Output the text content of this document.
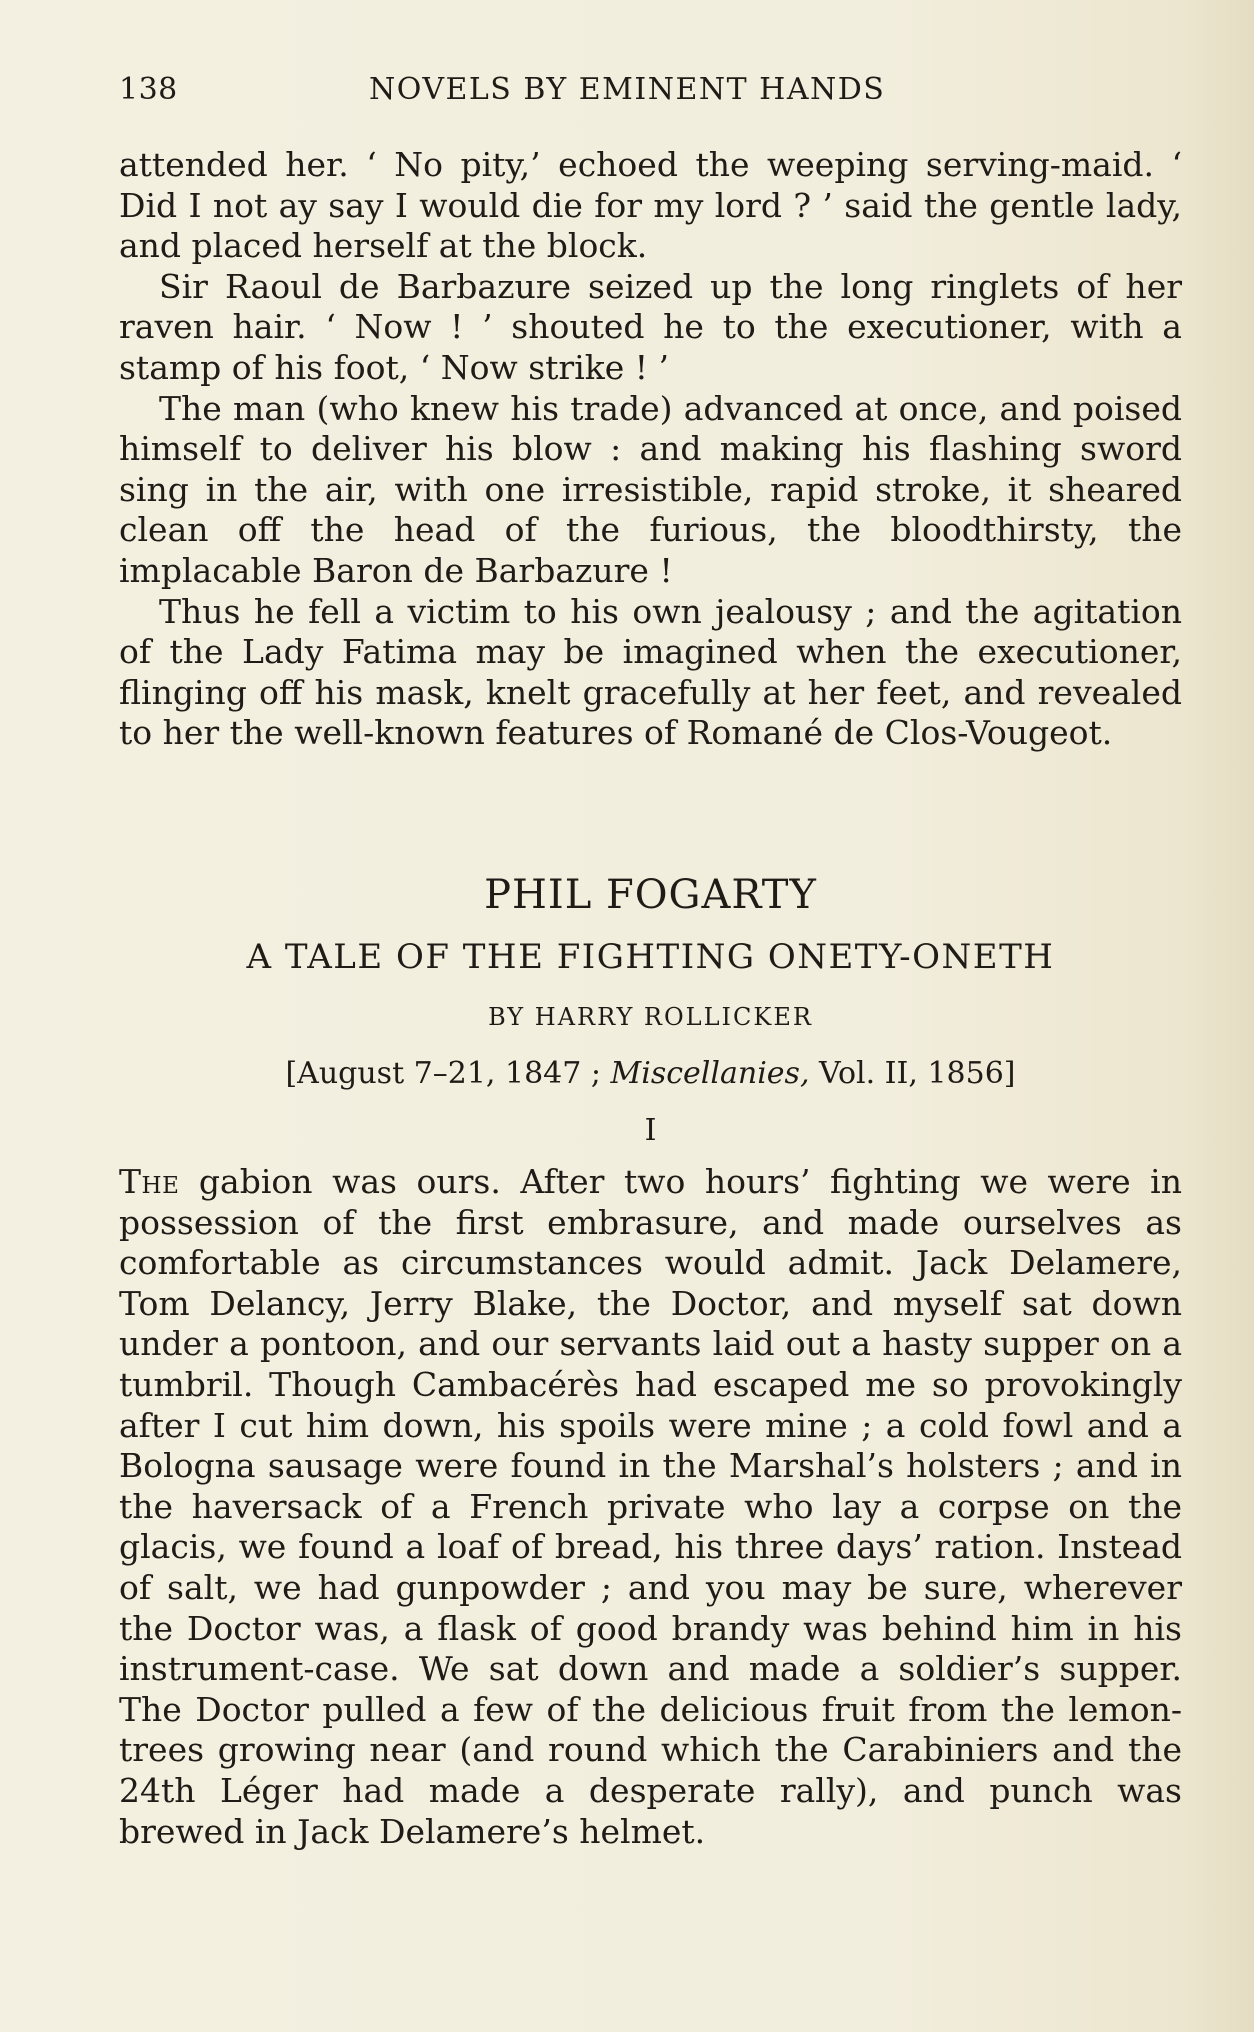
138	NOVELS BY EMINENT HANDS

attended her. ‘ No pity,’ echoed the weeping serving-maid. ‘ Did I not ay say I would die for my lord ? ’ said the gentle lady, and placed herself at the block.

Sir Raoul de Barbazure seized up the long ringlets of her raven hair. ‘ Now ! ’ shouted he to the executioner, with a stamp of his foot, ‘ Now strike ! ’

The man (who knew his trade) advanced at once, and poised himself to deliver his blow : and making his flashing sword sing in the air, with one irresistible, rapid stroke, it sheared clean off the head of the furious, the bloodthirsty, the implacable Baron de Barbazure !

Thus he fell a victim to his own jealousy ; and the agitation of the Lady Fatima may be imagined when the executioner, flinging off his mask, knelt gracefully at her feet, and revealed to her the well-known features of Romané de Clos-Vougeot.

PHIL FOGARTY
A TALE OF THE FIGHTING ONETY-ONETH
BY HARRY ROLLICKER
[August 7–21, 1847 ; Miscellanies, Vol. II, 1856]
I

The gabion was ours. After two hours’ fighting we were in possession of the first embrasure, and made ourselves as comfortable as circumstances would admit. Jack Delamere, Tom Delancy, Jerry Blake, the Doctor, and myself sat down under a pontoon, and our servants laid out a hasty supper on a tumbril. Though Cambacérès had escaped me so provokingly after I cut him down, his spoils were mine ; a cold fowl and a Bologna sausage were found in the Marshal’s holsters ; and in the haversack of a French private who lay a corpse on the glacis, we found a loaf of bread, his three days’ ration. Instead of salt, we had gunpowder ; and you may be sure, wherever the Doctor was, a flask of good brandy was behind him in his instrument-case. We sat down and made a soldier’s supper. The Doctor pulled a few of the delicious fruit from the lemon-trees growing near (and round which the Carabiniers and the 24th Léger had made a desperate rally), and punch was brewed in Jack Delamere’s helmet.
